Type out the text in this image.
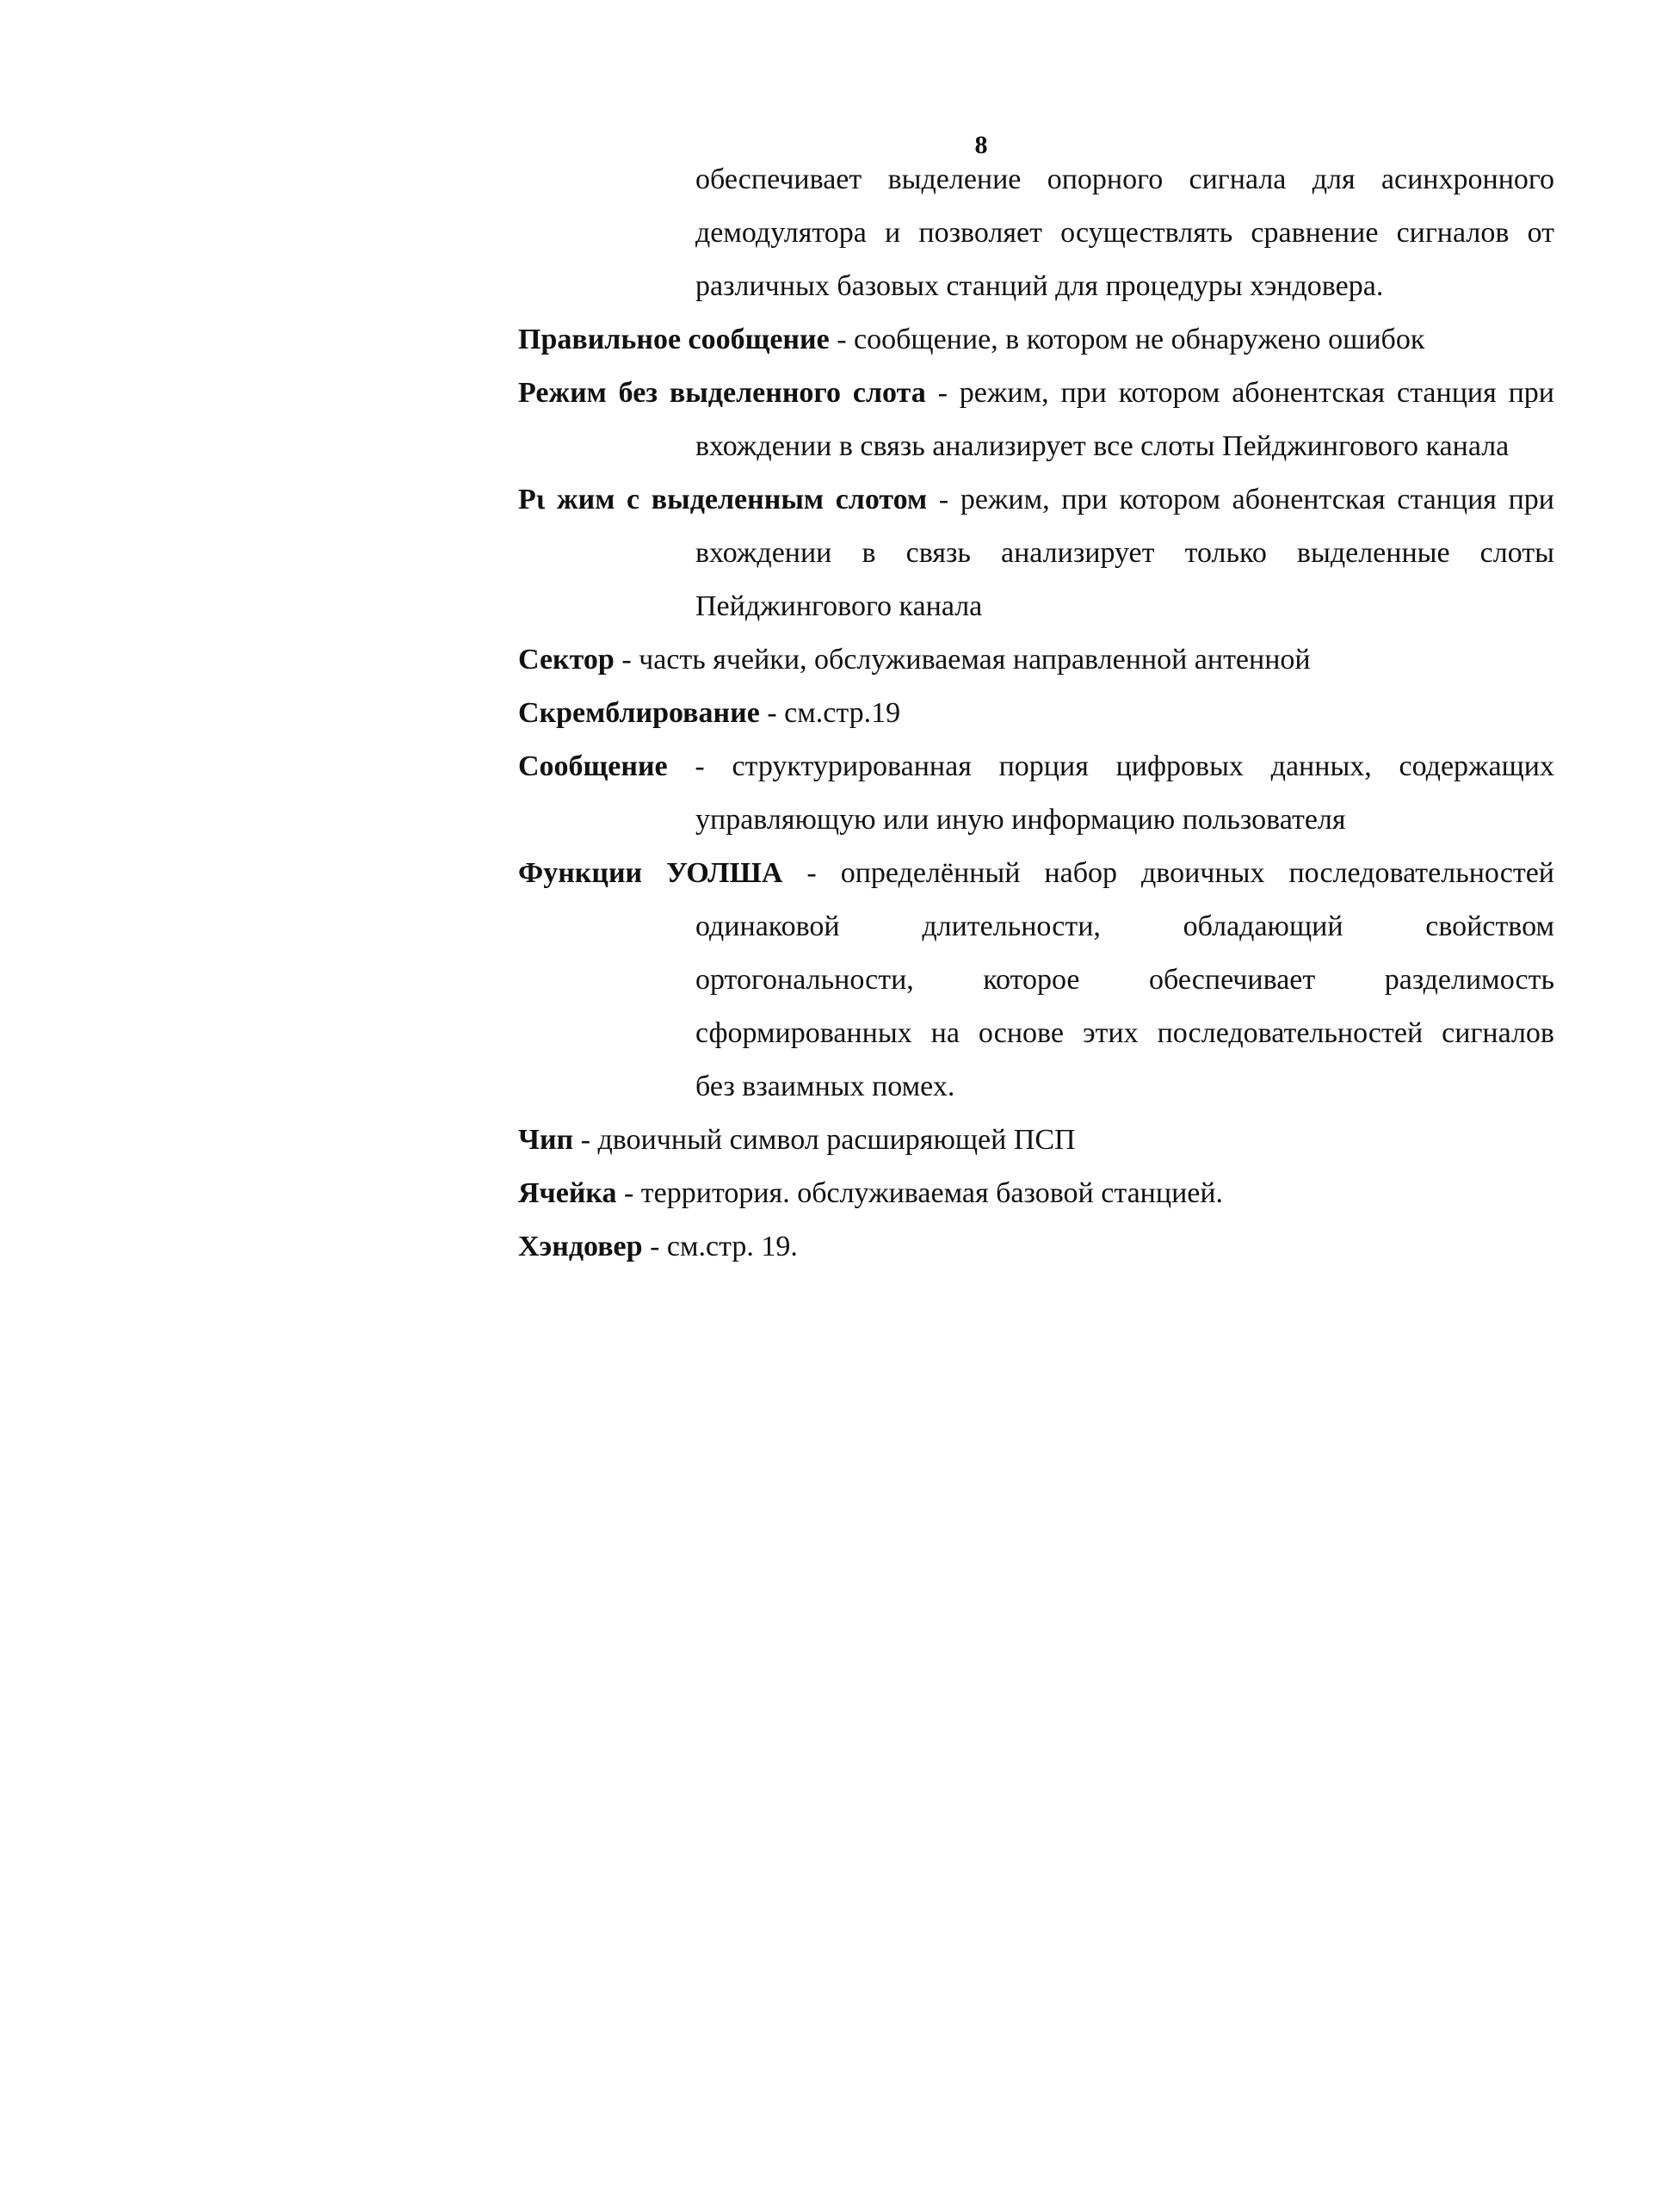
8

обеспечивает выделение опорного сигнала для асинхронного
демодулятора и позволяет осуществлять сравнение сигналов от
различных базовых станций для процедуры хэндовера.

Правильное сообщение - сообщение, в котором не обнаружено ошибок

Режим без выделенного слота - режим, при котором абонентская станция при
вхождении в связь анализирует все слоты Пейджингового канала

Рι жим с выделенным слотом - режим, при котором абонентская станция при
вхождении в связь анализирует только выделенные слоты
Пейджингового канала

Сектор - часть ячейки, обслуживаемая направленной антенной

Скремблирование - см.стр.19

Сообщение - структурированная порция цифровых данных, содержащих
управляющую или иную информацию пользователя

Функции УОЛША - определённый набор двоичных последовательностей
одинаковой длительности, обладающий свойством
ортогональности, которое обеспечивает разделимость
сформированных на основе этих последовательностей сигналов
без взаимных помех.

Чип - двоичный символ расширяющей ПСП

Ячейка - территория. обслуживаемая базовой станцией.

Хэндовер - см.стр. 19.
